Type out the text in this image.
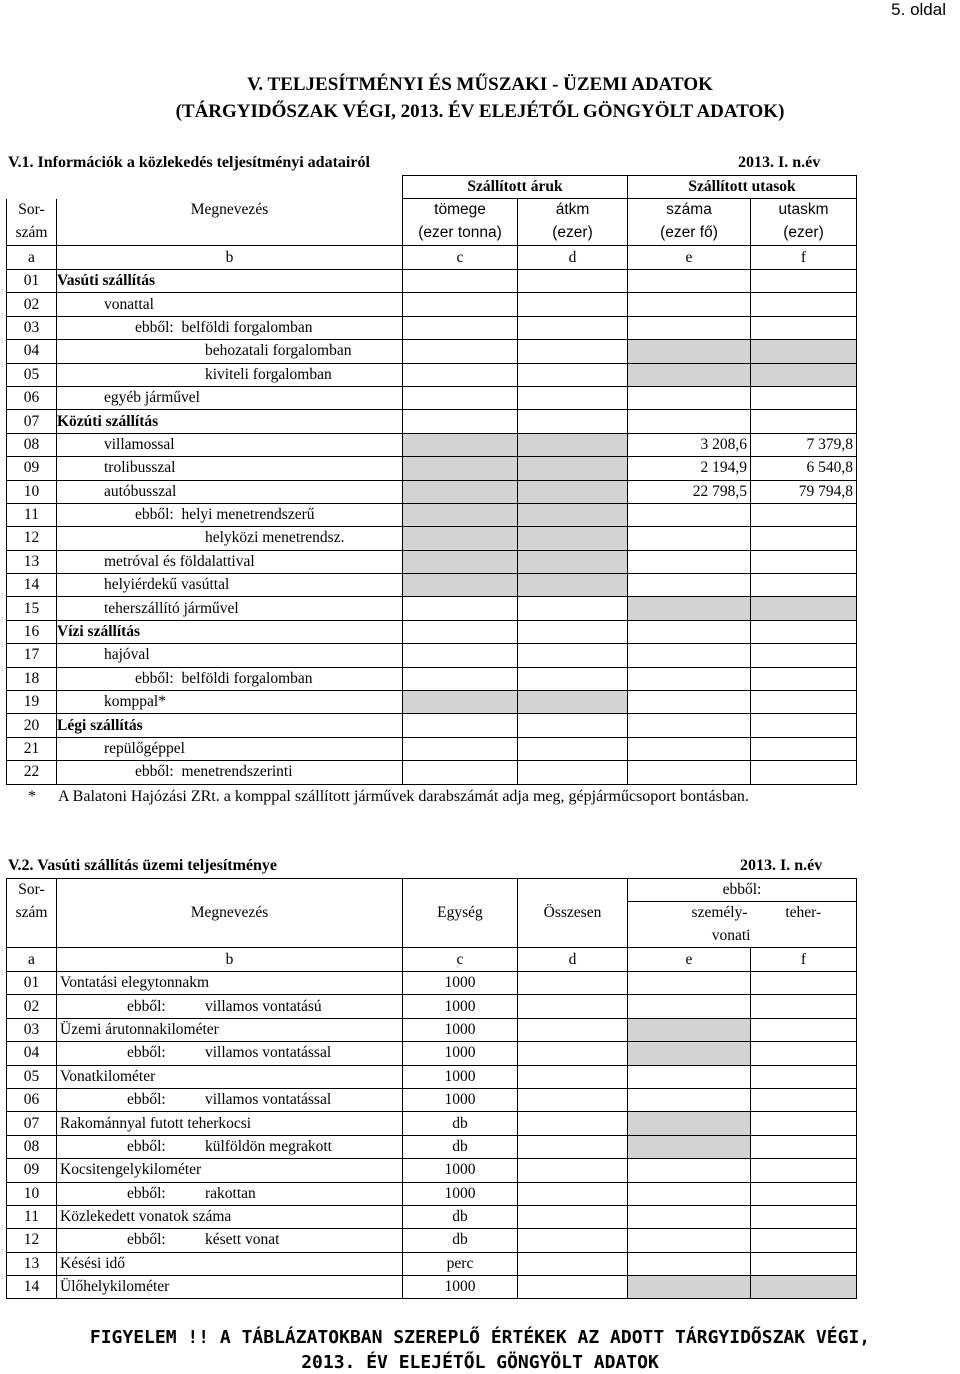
5. oldal
V. TELJESÍTMÉNYI ÉS MŰSZAKI - ÜZEMI ADATOK
(TÁRGYIDŐSZAK VÉGI, 2013. ÉV ELEJÉTŐL GÖNGYÖLT ADATOK)
V.1. Információk a közlekedés teljesítményi adatairól	2013. I. n.év
		Szállított áruk		Szállított utasok	
Sor-	Megnevezés	tömege	átkm	száma	utaskm
szám		(ezer tonna)	(ezer)	(ezer fő)	(ezer)
a	b	c	d	e	f
01	Vasúti szállítás				
02	vonattal				
03	ebből: belföldi forgalomban				
04	behozatali forgalomban				
05	kiviteli forgalomban				
06	egyéb járművel				
07	Közúti szállítás				
08	villamossal			3 208,6	7 379,8
09	trolibusszal			2 194,9	6 540,8
10	autóbusszal			22 798,5	79 794,8
11	ebből: helyi menetrendszerű				
12	helyközi menetrendsz.				
13	metróval és földalattival				
14	helyiérdekű vasúttal				
15	teherszállító járművel				
16	Vízi szállítás				
17	hajóval				
18	ebből: belföldi forgalomban				
19	komppal*				
20	Légi szállítás				
21	repülőgéppel				
22	ebből: menetrendszerinti				
* A Balatoni Hajózási ZRt. a komppal szállított járművek darabszámát adja meg, gépjárműcsoport bontásban.
V.2. Vasúti szállítás üzemi teljesítménye	2013. I. n.év
Sor-				ebből:	
szám	Megnevezés	Egység	Összesen	személy-	teher-
				vonati	
a	b	c	d	e	f
01	Vontatási elegytonnakm	1000			
02	ebből: villamos vontatású	1000			
03	Üzemi árutonnakilométer	1000			
04	ebből: villamos vontatással	1000			
05	Vonatkilométer	1000			
06	ebből: villamos vontatással	1000			
07	Rakománnyal futott teherkocsi	db			
08	ebből: külföldön megrakott	db			
09	Kocsitengelykilométer	1000			
10	ebből: rakottan	1000			
11	Közlekedett vonatok száma	db			
12	ebből: késett vonat	db			
13	Késési idő	perc			
14	Ülőhelykilométer	1000			
FIGYELEM !! A TÁBLÁZATOKBAN SZEREPLŐ ÉRTÉKEK AZ ADOTT TÁRGYIDŐSZAK VÉGI,
2013. ÉV ELEJÉTŐL GÖNGYÖLT ADATOK
